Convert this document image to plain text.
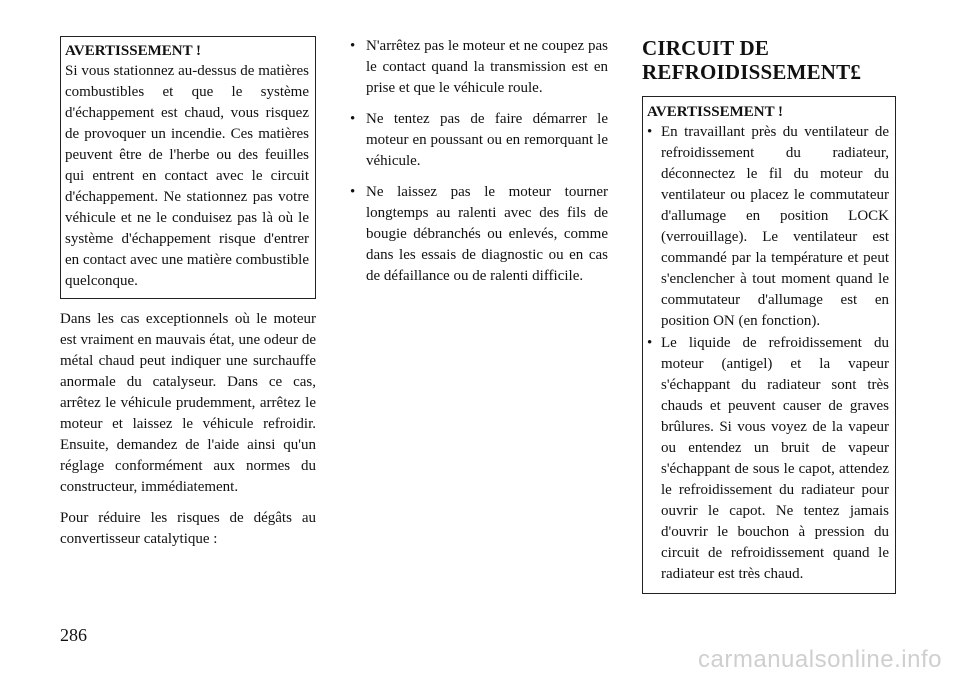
AVERTISSEMENT !
Si vous stationnez au-dessus de matières combustibles et que le système d'échappement est chaud, vous risquez de provoquer un incendie. Ces matières peuvent être de l'herbe ou des feuilles qui entrent en contact avec le circuit d'échappement. Ne stationnez pas votre véhicule et ne le conduisez pas là où le système d'échappement risque d'entrer en contact avec une matière combustible quelconque.

Dans les cas exceptionnels où le moteur est vraiment en mauvais état, une odeur de métal chaud peut indiquer une surchauffe anormale du catalyseur. Dans ce cas, arrêtez le véhicule prudemment, arrêtez le moteur et laissez le véhicule refroidir. Ensuite, demandez de l'aide ainsi qu'un réglage conformément aux normes du constructeur, immédiatement.

Pour réduire les risques de dégâts au convertisseur catalytique :

• N'arrêtez pas le moteur et ne coupez pas le contact quand la transmission est en prise et que le véhicule roule.
• Ne tentez pas de faire démarrer le moteur en poussant ou en remorquant le véhicule.
• Ne laissez pas le moteur tourner longtemps au ralenti avec des fils de bougie débranchés ou enlevés, comme dans les essais de diagnostic ou en cas de défaillance ou de ralenti difficile.
CIRCUIT DE
REFROIDISSEMENT£
AVERTISSEMENT !
• En travaillant près du ventilateur de refroidissement du radiateur, déconnectez le fil du moteur du ventilateur ou placez le commutateur d'allumage en position LOCK (verrouillage). Le ventilateur est commandé par la température et peut s'enclencher à tout moment quand le commutateur d'allumage est en position ON (en fonction).
• Le liquide de refroidissement du moteur (antigel) et la vapeur s'échappant du radiateur sont très chauds et peuvent causer de graves brûlures. Si vous voyez de la vapeur ou entendez un bruit de vapeur s'échappant de sous le capot, attendez le refroidissement du radiateur pour ouvrir le capot. Ne tentez jamais d'ouvrir le bouchon à pression du circuit de refroidissement quand le radiateur est très chaud.
286
carmanualsonline.info
